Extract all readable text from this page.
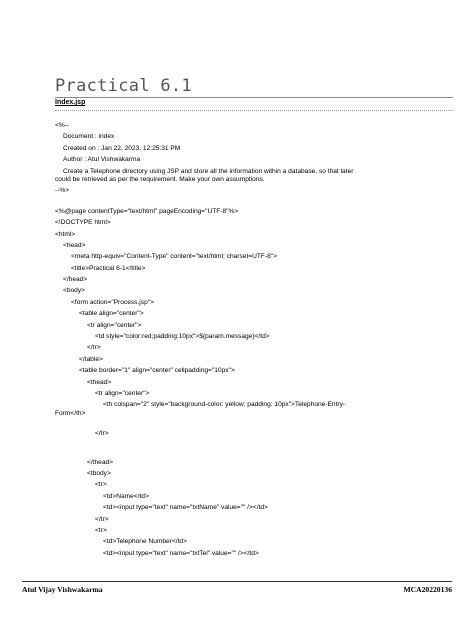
Practical 6.1
Index.jsp
<%--
Document : index
Created on : Jan 22, 2023, 12:25:31 PM
Author : Atul Vishwakarma
Create a Telephone directory using JSP and store all the information within a database, so that later
could be retrieved as per the requirement. Make your own assumptions.
--%>
<%@page contentType="text/html" pageEncoding="UTF-8"%>
<!DOCTYPE html>
<html>
<head>
<meta http-equiv="Content-Type" content="text/html; charset=UTF-8">
<title>Practical 6-1</title>
</head>
<body>
<form action="Process.jsp">
<table align="center">
<tr align="center">
<td style="color:red;padding:10px">${param.message}</td>
</tr>
</table>
<table border="1" align="center" cellpadding="10px">
<thead>
<tr align="center">
<th colspan="2" style="background-color: yellow; padding: 10px">Telephone-Entry-
Form</th>
</tr>
</thead>
<tbody>
<tr>
<td>Name</td>
<td><input type="text" name="txtName" value="" /></td>
</tr>
<tr>
<td>Telephone Number</td>
<td><input type="text" name="txtTel" value="" /></td>
Atul Vijay Vishwakarma	MCA20220136
